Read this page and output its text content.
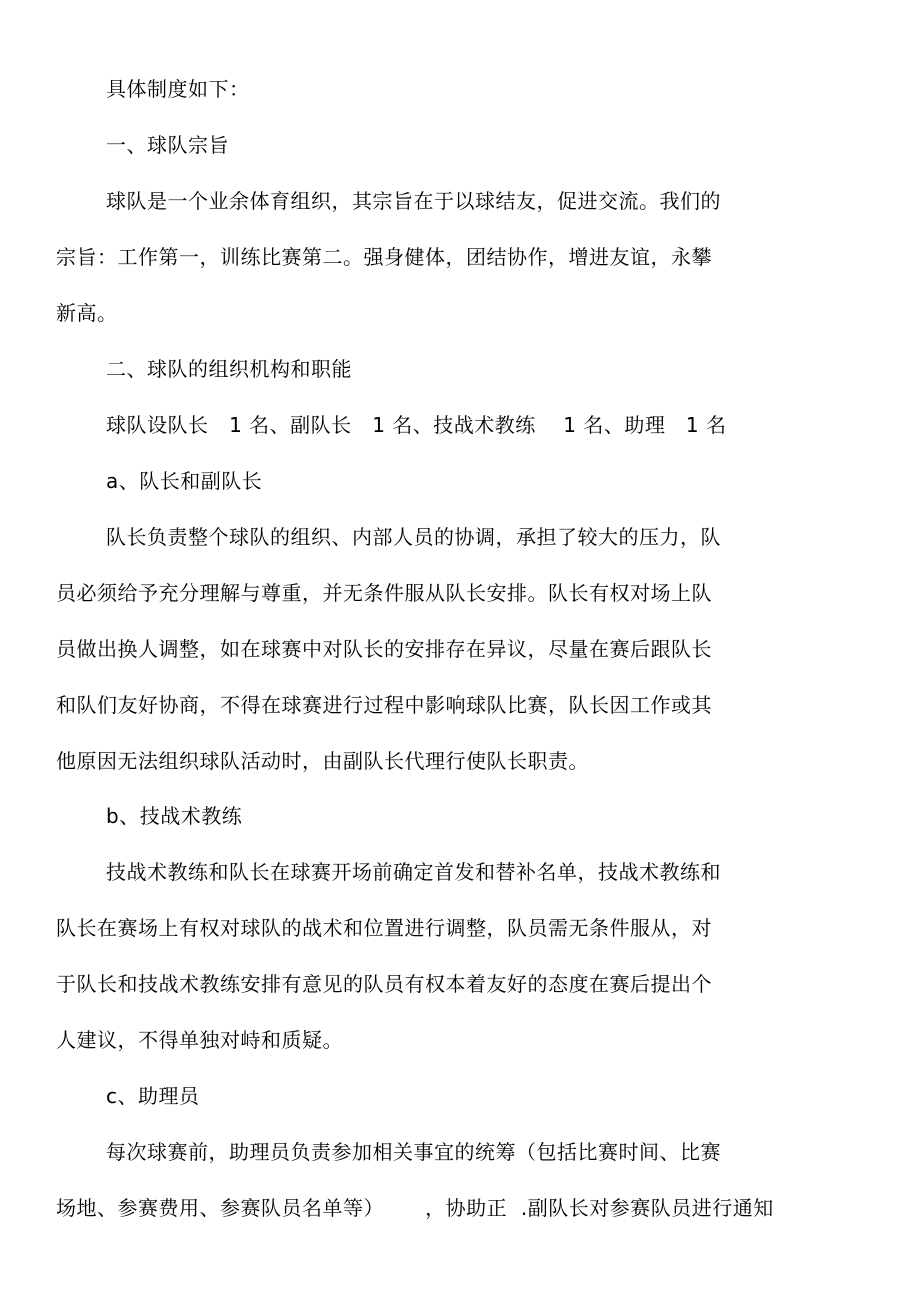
具体制度如下：
一、球队宗旨
球队是一个业余体育组织，其宗旨在于以球结友，促进交流。我们的
宗旨：工作第一，训练比赛第二。强身健体，团结协作，增进友谊，永攀
新高。
二、球队的组织机构和职能
球队设队长   1 名、副队长   1 名、技战术教练    1 名、助理   1 名
a、队长和副队长
队长负责整个球队的组织、内部人员的协调，承担了较大的压力，队
员必须给予充分理解与尊重，并无条件服从队长安排。队长有权对场上队
员做出换人调整，如在球赛中对队长的安排存在异议，尽量在赛后跟队长
和队们友好协商，不得在球赛进行过程中影响球队比赛，队长因工作或其
他原因无法组织球队活动时，由副队长代理行使队长职责。
b、技战术教练
技战术教练和队长在球赛开场前确定首发和替补名单，技战术教练和
队长在赛场上有权对球队的战术和位置进行调整，队员需无条件服从，对
于队长和技战术教练安排有意见的队员有权本着友好的态度在赛后提出个
人建议，不得单独对峙和质疑。
c、助理员
每次球赛前，助理员负责参加相关事宜的统筹（包括比赛时间、比赛
场地、参赛费用、参赛队员名单等）      ，协助正  .副队长对参赛队员进行通知
